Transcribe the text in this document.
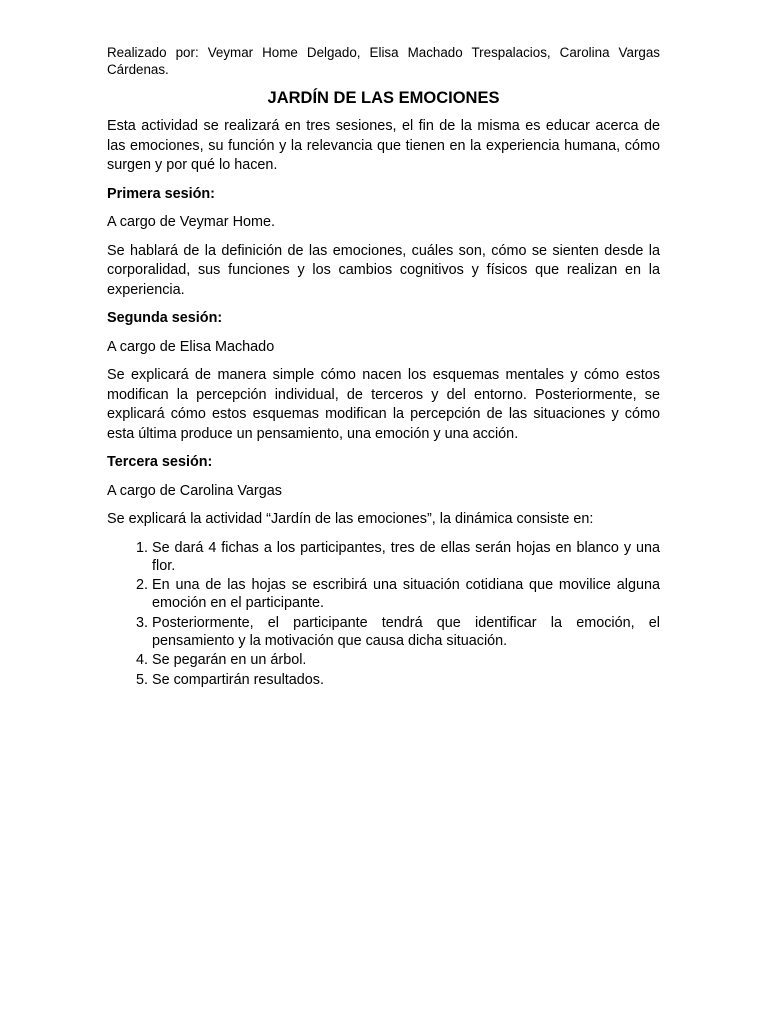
Realizado por: Veymar Home Delgado, Elisa Machado Trespalacios, Carolina Vargas Cárdenas.

JARDÍN DE LAS EMOCIONES

Esta actividad se realizará en tres sesiones, el fin de la misma es educar acerca de las emociones, su función y la relevancia que tienen en la experiencia humana, cómo surgen y por qué lo hacen.

Primera sesión:

A cargo de Veymar Home.

Se hablará de la definición de las emociones, cuáles son, cómo se sienten desde la corporalidad, sus funciones y los cambios cognitivos y físicos que realizan en la experiencia.

Segunda sesión:

A cargo de Elisa Machado

Se explicará de manera simple cómo nacen los esquemas mentales y cómo estos modifican la percepción individual, de terceros y del entorno. Posteriormente, se explicará cómo estos esquemas modifican la percepción de las situaciones y cómo esta última produce un pensamiento, una emoción y una acción.

Tercera sesión:

A cargo de Carolina Vargas

Se explicará la actividad “Jardín de las emociones”, la dinámica consiste en:

1. Se dará 4 fichas a los participantes, tres de ellas serán hojas en blanco y una flor.
2. En una de las hojas se escribirá una situación cotidiana que movilice alguna emoción en el participante.
3. Posteriormente, el participante tendrá que identificar la emoción, el pensamiento y la motivación que causa dicha situación.
4. Se pegarán en un árbol.
5. Se compartirán resultados.
